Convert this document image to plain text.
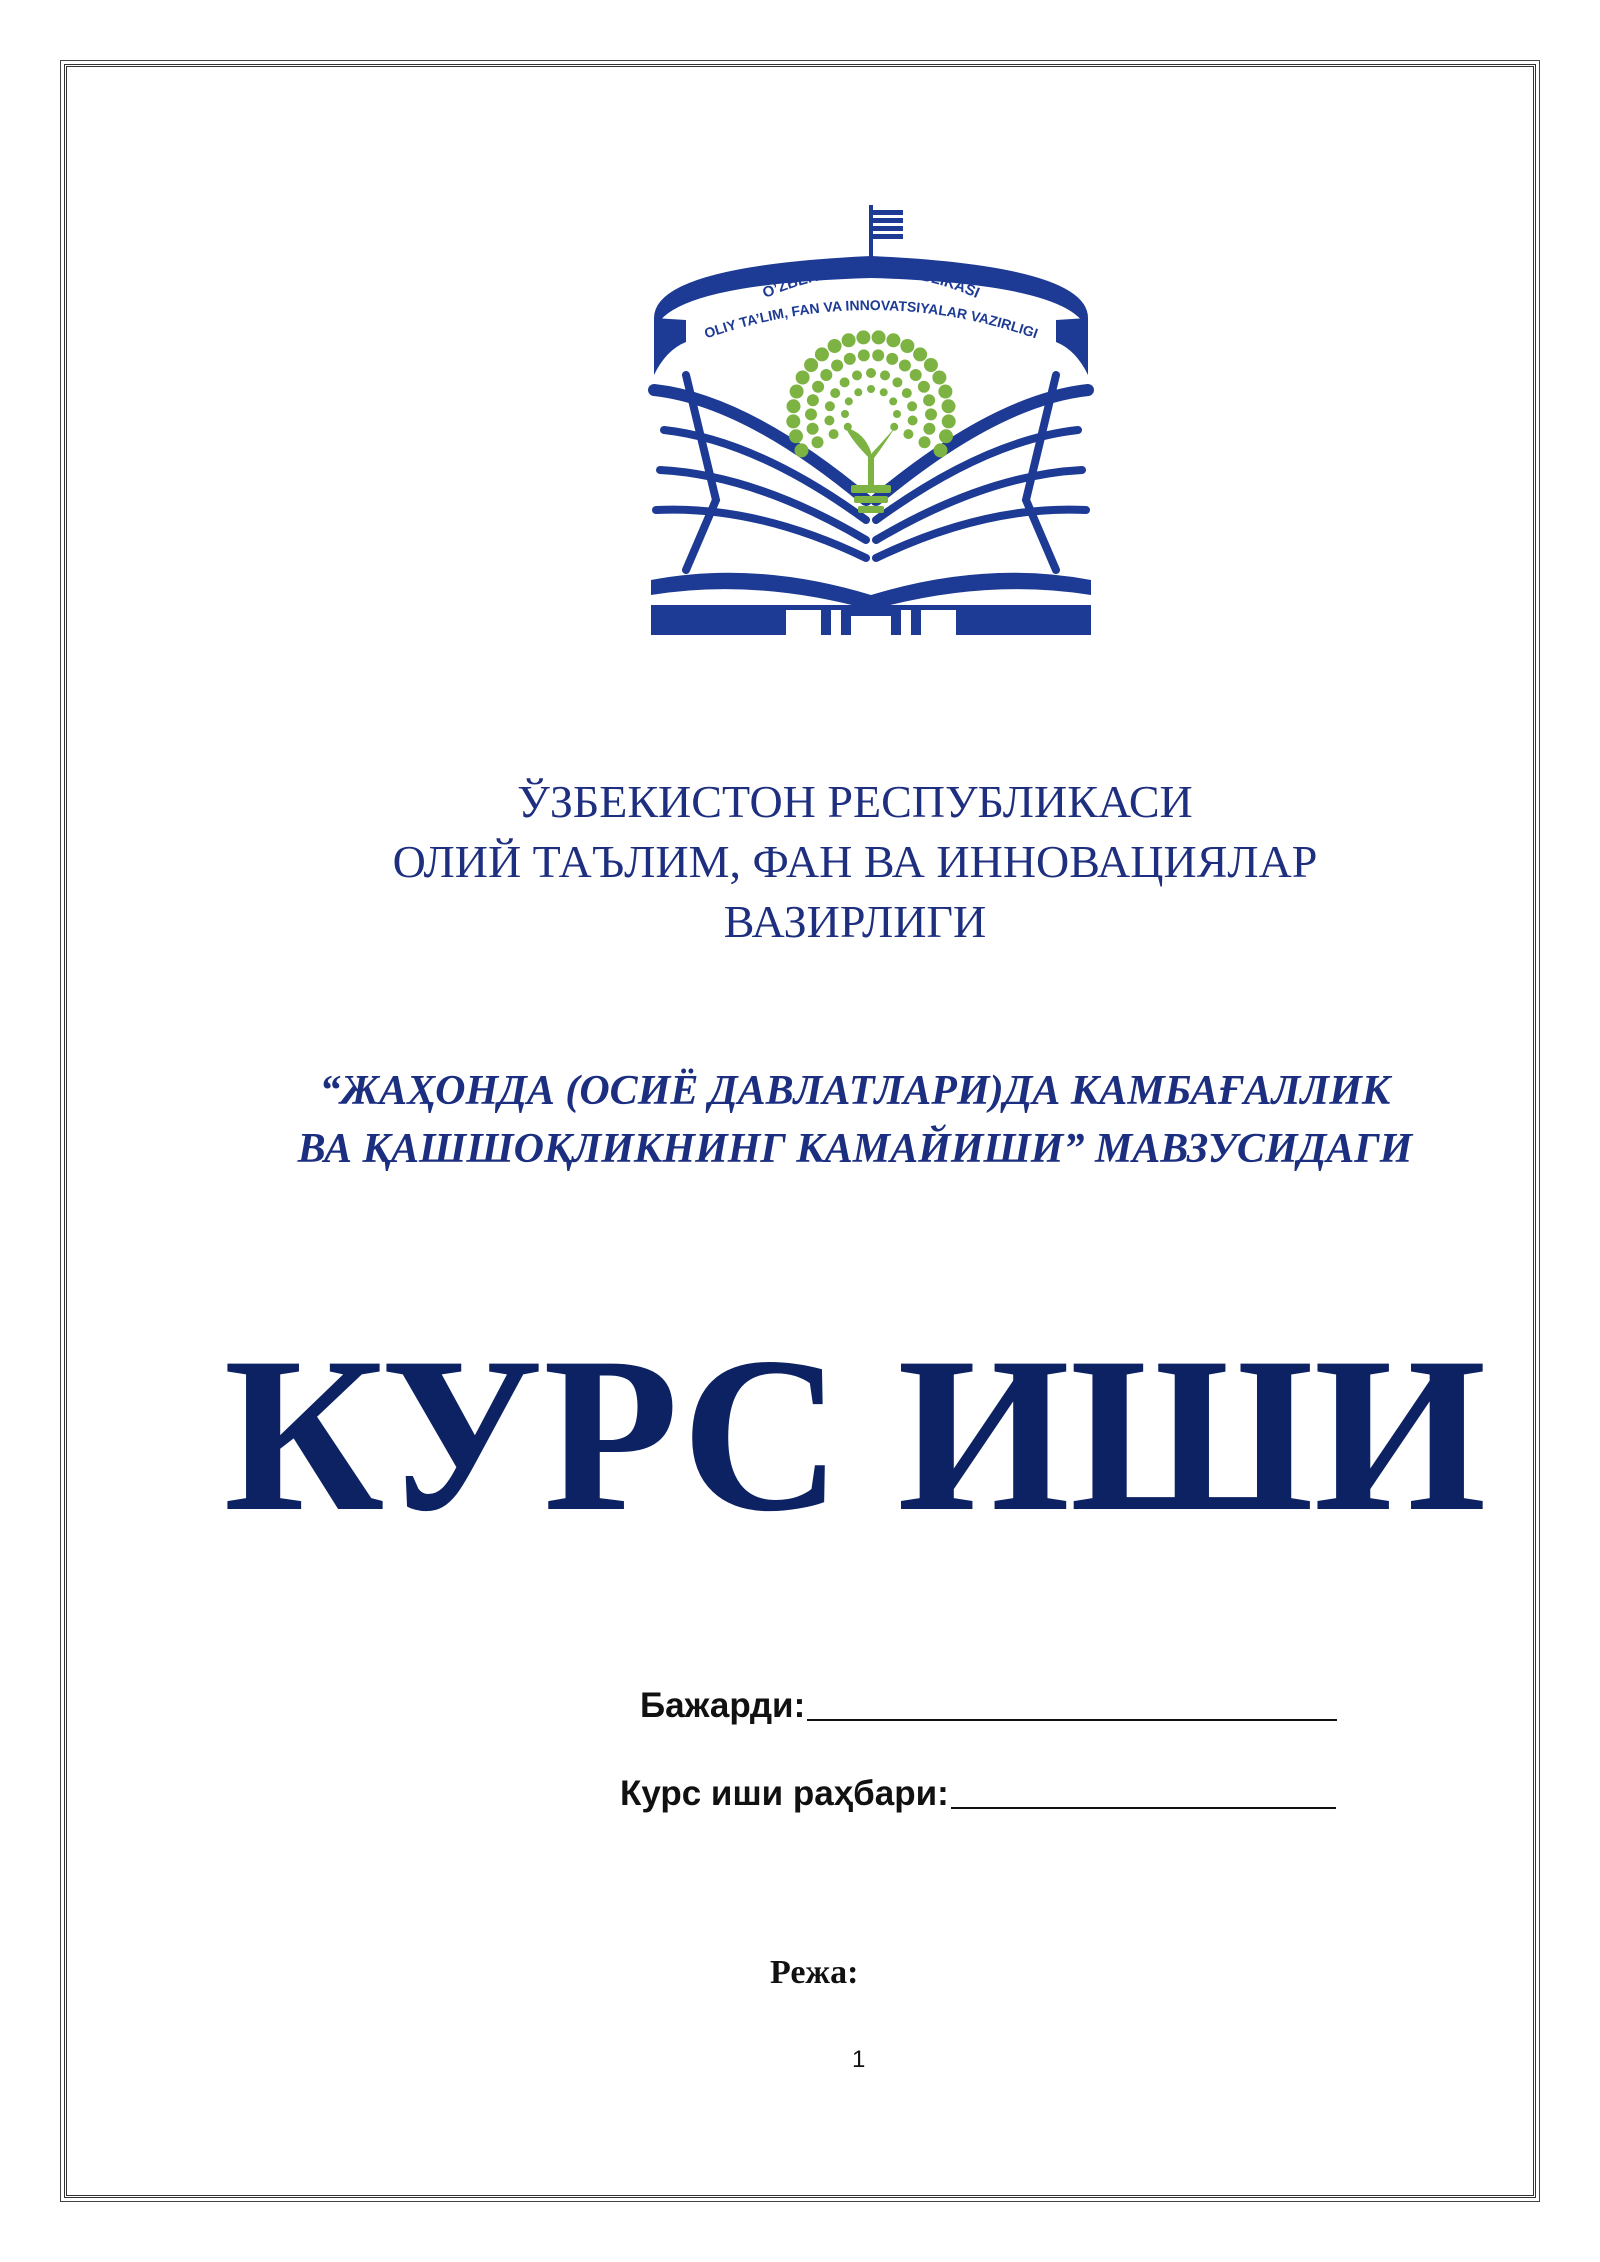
O’ZBEKISTON RESPUBLIKASI
OLIY TA’LIM, FAN VA INNOVATSIYALAR VAZIRLIGI
ЎЗБЕКИСТОН РЕСПУБЛИКАСИ
ОЛИЙ ТАЪЛИМ, ФАН ВА ИННОВАЦИЯЛАР
ВАЗИРЛИГИ
“ЖАҲОНДА (ОСИЁ ДАВЛАТЛАРИ)ДА КАМБАҒАЛЛИК
ВА ҚАШШОҚЛИКНИНГ КАМАЙИШИ” МАВЗУСИДАГИ
КУРС ИШИ
Бажарди:
Курс иши раҳбари:
Режа:
1
